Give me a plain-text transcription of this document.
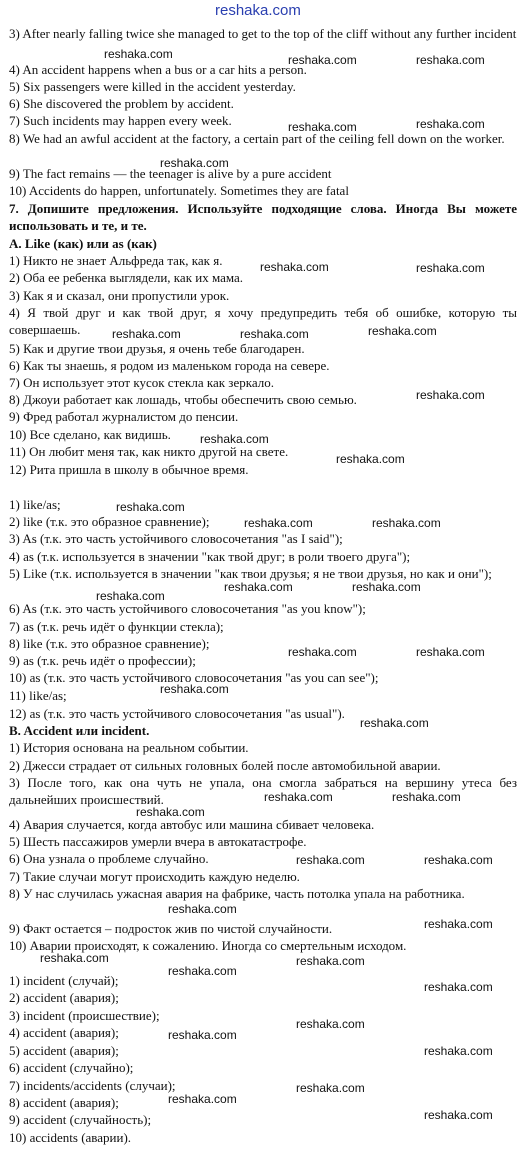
reshaka.com
3) After nearly falling twice she managed to get to the top of the cliff without any further incident
4) An accident happens when a bus or a car hits a person.
5) Six passengers were killed in the accident yesterday.
6) She discovered the problem by accident.
7) Such incidents may happen every week.
8) We had an awful accident at the factory, a certain part of the ceiling fell down on the worker.
9) The fact remains — the teenager is alive by a pure accident
10) Accidents do happen, unfortunately. Sometimes they are fatal
7. Допишите предложения. Используйте подходящие слова. Иногда Вы можете использовать и те, и те.
A. Like (как) или as (как)
1) Никто не знает Альфреда так, как я.
2) Оба ее ребенка выглядели, как их мама.
3) Как я и сказал, они пропустили урок.
4) Я твой друг и как твой друг, я хочу предупредить тебя об ошибке, которую ты совершаешь.
5) Как и другие твои друзья, я очень тебе благодарен.
6) Как ты знаешь, я родом из маленьком города на севере.
7) Он использует этот кусок стекла как зеркало.
8) Джоуи работает как лошадь, чтобы обеспечить свою семью.
9) Фред работал журналистом до пенсии.
10) Все сделано, как видишь.
11) Он любит меня так, как никто другой на свете.
12) Рита пришла в школу в обычное время.
1) like/as;
2) like (т.к. это образное сравнение);
3) As (т.к. это часть устойчивого словосочетания "as I said");
4) as (т.к. используется в значении "как твой друг; в роли твоего друга");
5) Like (т.к. используется в значении "как твои друзья; я не твои друзья, но как и они");
6) As (т.к. это часть устойчивого словосочетания "as you know");
7) as (т.к. речь идёт о функции стекла);
8) like (т.к. это образное сравнение);
9) as (т.к. речь идёт о профессии);
10) as (т.к. это часть устойчивого словосочетания "as you can see");
11) like/as;
12) as (т.к. это часть устойчивого словосочетания "as usual").
B. Accident или incident.
1) История основана на реальном событии.
2) Джесси страдает от сильных головных болей после автомобильной аварии.
3) После того, как она чуть не упала, она смогла забраться на вершину утеса без дальнейших происшествий.
4) Авария случается, когда автобус или машина сбивает человека.
5) Шесть пассажиров умерли вчера в автокатастрофе.
6) Она узнала о проблеме случайно.
7) Такие случаи могут происходить каждую неделю.
8) У нас случилась ужасная авария на фабрике, часть потолка упала на работника.
9) Факт остается – подросток жив по чистой случайности.
10) Аварии происходят, к сожалению. Иногда со смертельным исходом.
1) incident (случай);
2) accident (авария);
3) incident (происшествие);
4) accident (авария);
5) accident (авария);
6) accident (случайно);
7) incidents/accidents (случаи);
8) accident (авария);
9) accident (случайность);
10) accidents (аварии).
reshaka.com	reshaka.com	reshaka.com
reshaka.com	reshaka.com
reshaka.com
reshaka.com	reshaka.com
reshaka.com	reshaka.com	reshaka.com
reshaka.com
reshaka.com
reshaka.com
reshaka.com
reshaka.com	reshaka.com
reshaka.com	reshaka.com
reshaka.com
reshaka.com	reshaka.com
reshaka.com
reshaka.com
reshaka.com	reshaka.com
reshaka.com
reshaka.com	reshaka.com
reshaka.com
reshaka.com
reshaka.com	reshaka.com
reshaka.com
reshaka.com
reshaka.com
reshaka.com
reshaka.com
reshaka.com
reshaka.com
reshaka.com
